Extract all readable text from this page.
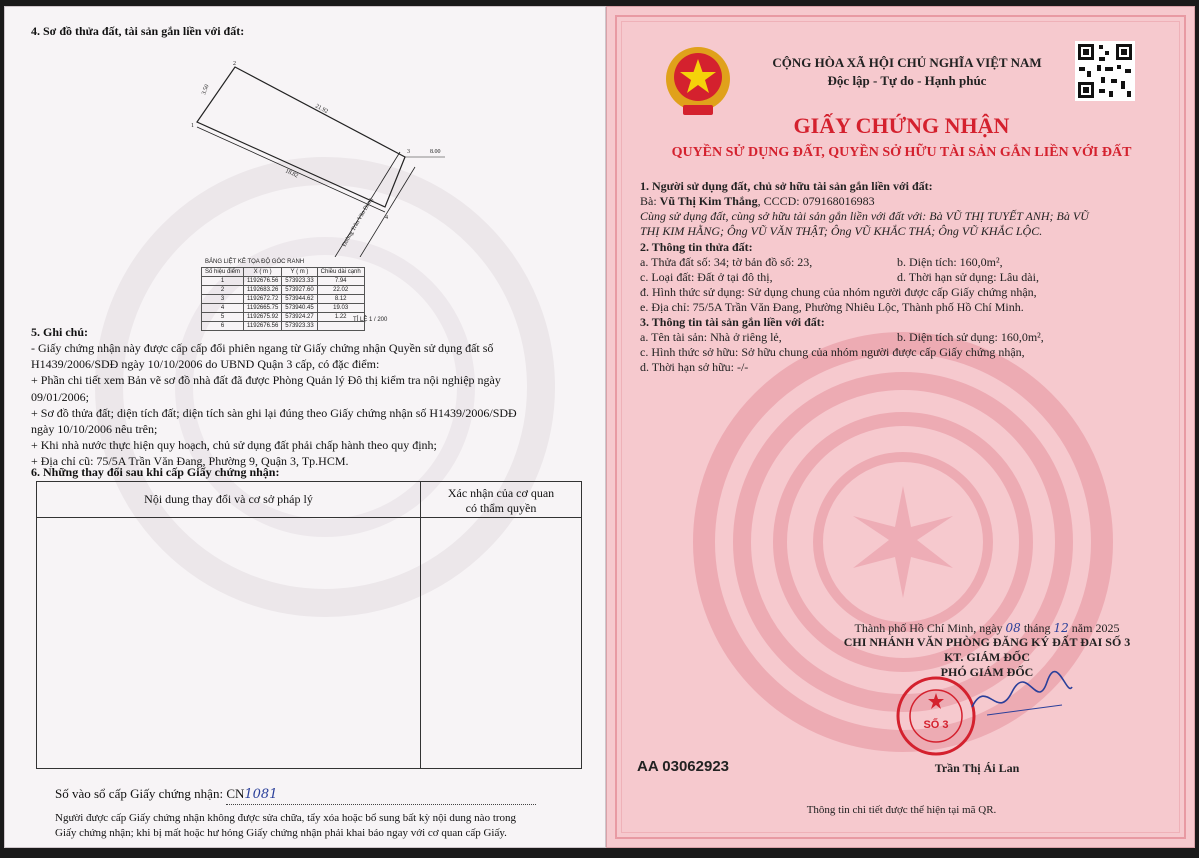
4. Sơ đồ thửa đất, tài sản gắn liền với đất:
21.92
18.82
8.00
3.50
Đường Trần Văn Đang
1
2
3
4
BẢNG LIỆT KÊ TỌA ĐỘ GÓC RANH
Số hiệu điểm	X ( m )	Y ( m )	Chiều dài cạnh
1	1192676.56	573923.33	7.94
2	1192683.26	573927.60	22.02
3	1192672.72	573944.62	8.12
4	1192665.75	573940.45	19.03
5	1192675.92	573924.27	1.22
6	1192676.56	573923.33	
TỈ LỆ 1 / 200
5. Ghi chú:
- Giấy chứng nhận này được cấp cấp đổi phiên ngang từ Giấy chứng nhận Quyền sử dụng đất số
H1439/2006/SDĐ ngày 10/10/2006 do UBND Quận 3 cấp, có đặc điểm:
+ Phần chi tiết xem Bản vẽ sơ đồ nhà đất đã được Phòng Quản lý Đô thị kiểm tra nội nghiệp ngày
09/01/2006;
+ Sơ đồ thửa đất; diện tích đất; diện tích sàn ghi lại đúng theo Giấy chứng nhận số H1439/2006/SDĐ
ngày 10/10/2006 nêu trên;
+ Khi nhà nước thực hiện quy hoạch, chủ sử dụng đất phải chấp hành theo quy định;
+ Địa chỉ cũ: 75/5A Trần Văn Đang, Phường 9, Quận 3, Tp.HCM.
6. Những thay đổi sau khi cấp Giấy chứng nhận:
Nội dung thay đổi và cơ sở pháp lý	Xác nhận của cơ quan
có thẩm quyền

Số vào sổ cấp Giấy chứng nhận: CN1081
Người được cấp Giấy chứng nhận không được sửa chữa, tẩy xóa hoặc bổ sung bất kỳ nội dung nào trong
Giấy chứng nhận; khi bị mất hoặc hư hỏng Giấy chứng nhận phải khai báo ngay với cơ quan cấp Giấy.
CỘNG HÒA XÃ HỘI CHỦ NGHĨA VIỆT NAM
Độc lập - Tự do - Hạnh phúc
GIẤY CHỨNG NHẬN
QUYỀN SỬ DỤNG ĐẤT, QUYỀN SỞ HỮU TÀI SẢN GẮN LIỀN VỚI ĐẤT
1. Người sử dụng đất, chủ sở hữu tài sản gắn liền với đất:
Bà: Vũ Thị Kim Thắng, CCCD: 079168016983
Cùng sử dụng đất, cùng sở hữu tài sản gắn liền với đất với: Bà VŨ THỊ TUYẾT ANH; Bà VŨ
THỊ KIM HẰNG; Ông VŨ VĂN THẬT; Ông VŨ KHẮC THÁ; Ông VŨ KHẮC LỘC.
2. Thông tin thửa đất:
a. Thửa đất số: 34; tờ bản đồ số: 23,	b. Diện tích: 160,0m²,
c. Loại đất: Đất ở tại đô thị,	d. Thời hạn sử dụng: Lâu dài,
đ. Hình thức sử dụng: Sử dụng chung của nhóm người được cấp Giấy chứng nhận,
e. Địa chỉ: 75/5A Trần Văn Đang, Phường Nhiêu Lộc, Thành phố Hồ Chí Minh.
3. Thông tin tài sản gắn liền với đất:
a. Tên tài sản: Nhà ở riêng lẻ,	b. Diện tích sử dụng: 160,0m²,
c. Hình thức sở hữu: Sở hữu chung của nhóm người được cấp Giấy chứng nhận,
d. Thời hạn sở hữu: -/-
Thành phố Hồ Chí Minh, ngày 08 tháng 12 năm 2025
CHI NHÁNH VĂN PHÒNG ĐĂNG KÝ ĐẤT ĐAI SỐ 3
KT. GIÁM ĐỐC
PHÓ GIÁM ĐỐC
SỐ 3
AA 03062923	Trần Thị Ái Lan
Thông tin chi tiết được thể hiện tại mã QR.
